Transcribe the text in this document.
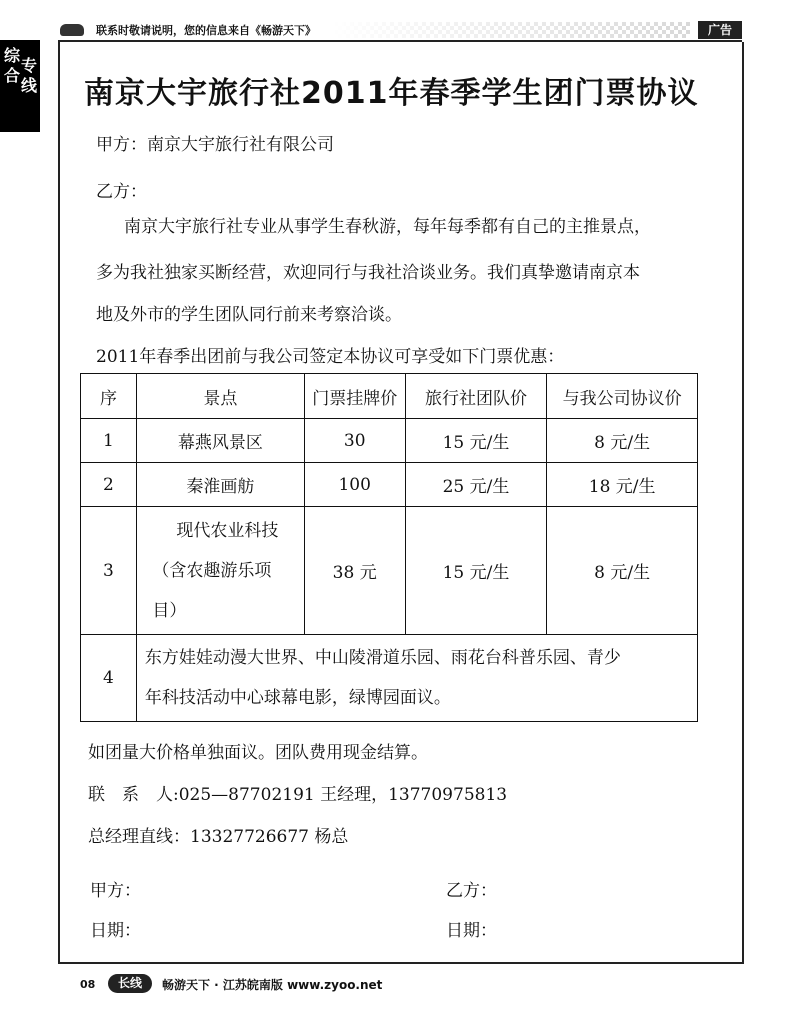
联系时敬请说明，您的信息来自《畅游天下》	广告
综合
专线 南京大宇旅行社2011年春季学生团门票协议
甲方：南京大宇旅行社有限公司
乙方：
南京大宇旅行社专业从事学生春秋游，每年每季都有自己的主推景点，
多为我社独家买断经营，欢迎同行与我社洽谈业务。我们真挚邀请南京本
地及外市的学生团队同行前来考察洽谈。
2011年春季出团前与我公司签定本协议可享受如下门票优惠：
序	景点	门票挂牌价	旅行社团队价	与我公司协议价
1	幕燕风景区	30	15 元/生	8 元/生
2	秦淮画舫	100	25 元/生	18 元/生
3	现代农业科技
（含农趣游乐项
目）	38 元	15 元/生	8 元/生
4	东方娃娃动漫大世界、中山陵滑道乐园、雨花台科普乐园、青少
年科技活动中心球幕电影，绿博园面议。			
如团量大价格单独面议。团队费用现金结算。
联　系　人:025—87702191 王经理，13770975813
总经理直线：13327726677 杨总
甲方：	乙方：
日期：	日期：
08	长线	畅游天下 · 江苏皖南版 www.zyoo.net
